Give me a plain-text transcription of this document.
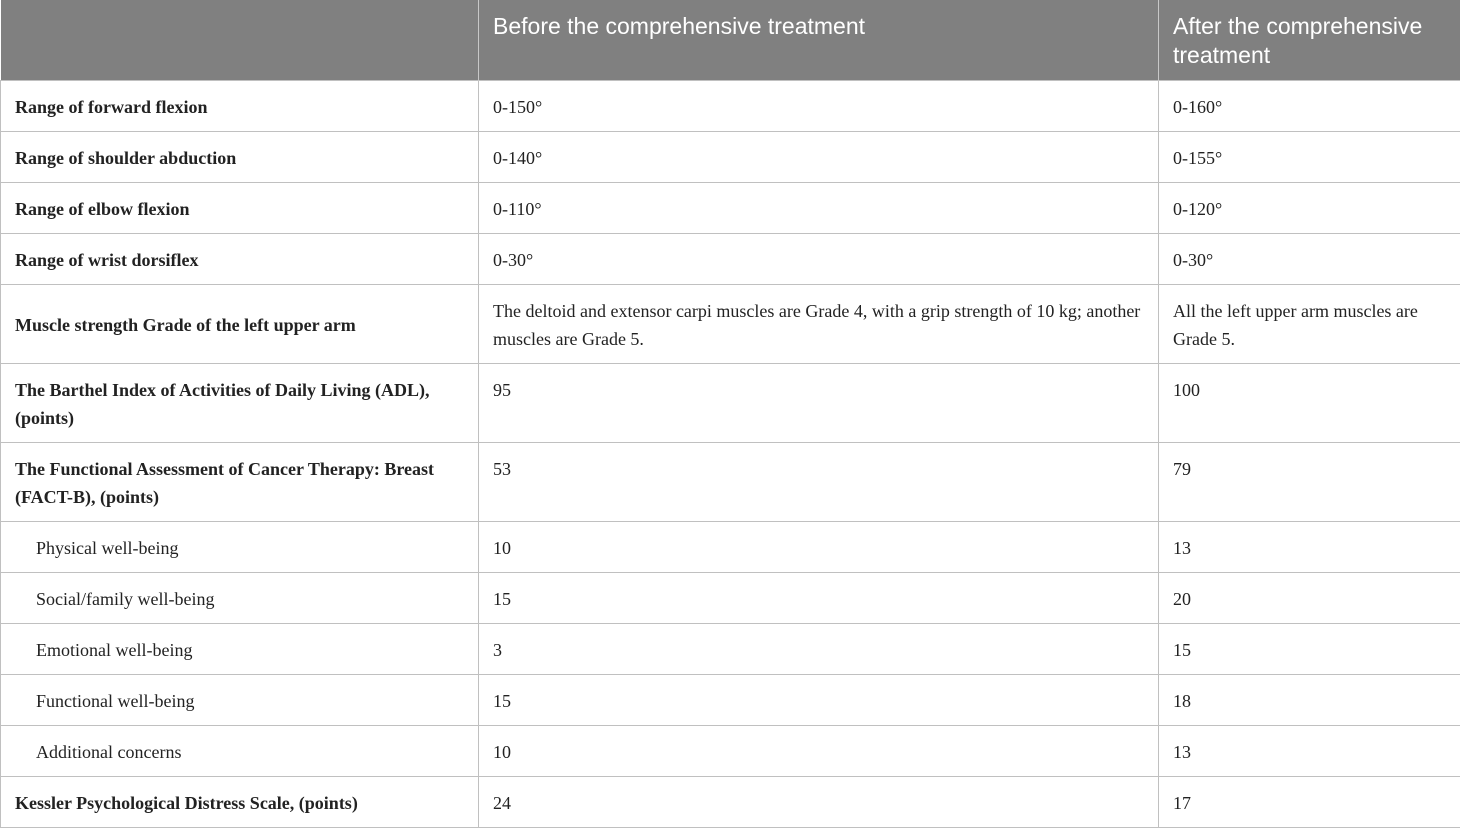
	Before the comprehensive treatment	After the comprehensive treatment
Range of forward flexion	0-150°	0-160°
Range of shoulder abduction	0-140°	0-155°
Range of elbow flexion	0-110°	0-120°
Range of wrist dorsiflex	0-30°	0-30°
Muscle strength Grade of the left upper arm	The deltoid and extensor carpi muscles are Grade 4, with a grip strength of 10 kg; another muscles are Grade 5.	All the left upper arm muscles are Grade 5.
The Barthel Index of Activities of Daily Living (ADL), (points)	95	100
The Functional Assessment of Cancer Therapy: Breast (FACT-B), (points)	53	79
Physical well-being	10	13
Social/family well-being	15	20
Emotional well-being	3	15
Functional well-being	15	18
Additional concerns	10	13
Kessler Psychological Distress Scale, (points)	24	17
